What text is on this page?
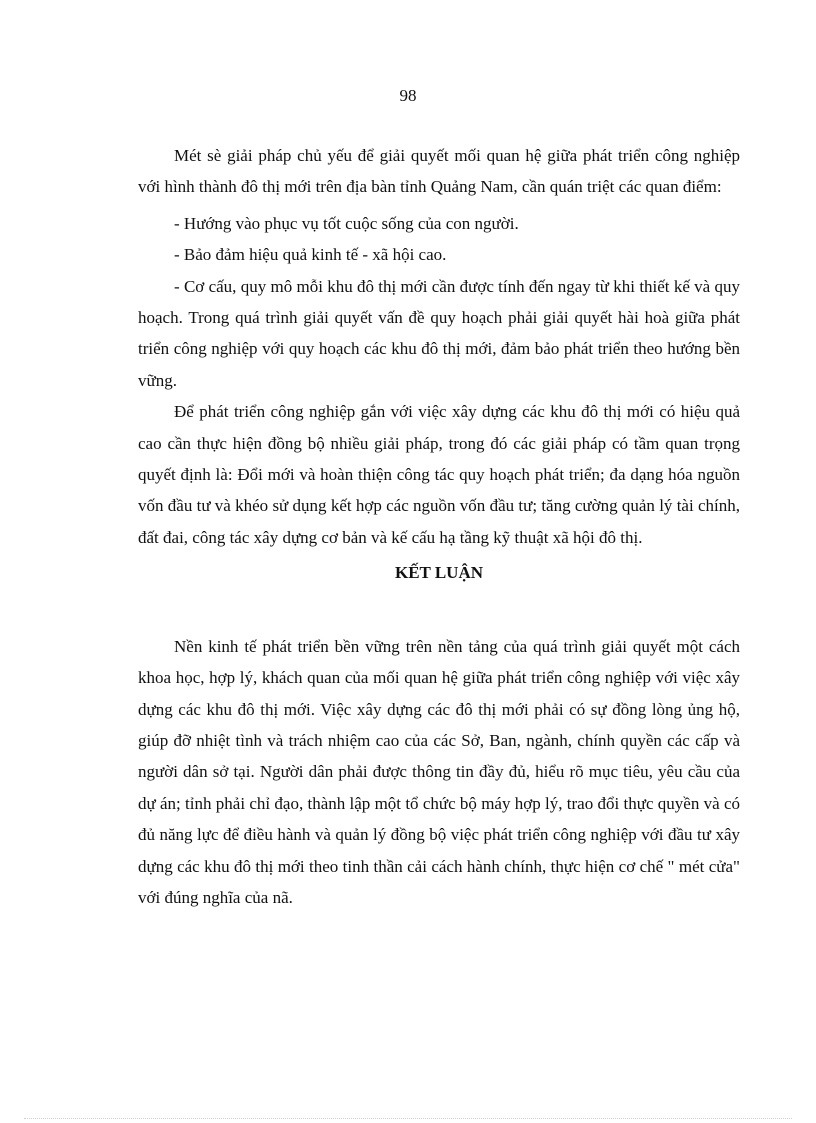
98

Mét sè giải pháp chủ yếu để giải quyết mối quan hệ giữa phát triển công nghiệp với hình thành đô thị mới trên địa bàn tỉnh Quảng Nam, cần quán triệt các quan điểm:

- Hướng vào phục vụ tốt cuộc sống của con người.

- Bảo đảm hiệu quả kinh tế - xã hội cao.

- Cơ cấu, quy mô mỗi khu đô thị mới cần được tính đến ngay từ khi thiết kế và quy hoạch. Trong quá trình giải quyết vấn đề quy hoạch phải giải quyết hài hoà giữa phát triển công nghiệp với quy hoạch các khu đô thị mới, đảm bảo phát triển theo hướng bền vững.

Để phát triển công nghiệp gắn với việc xây dựng các khu đô thị mới có hiệu quả cao cần thực hiện đồng bộ nhiều giải pháp, trong đó các giải pháp có tầm quan trọng quyết định là: Đổi mới và hoàn thiện công tác quy hoạch phát triển; đa dạng hóa nguồn vốn đầu tư và khéo sử dụng kết hợp các nguồn vốn đầu tư; tăng cường quản lý tài chính, đất đai, công tác xây dựng cơ bản và kế cấu hạ tầng kỹ thuật xã hội đô thị.

KẾT LUẬN

Nền kinh tế phát triển bền vững trên nền tảng của quá trình giải quyết một cách khoa học, hợp lý, khách quan của mối quan hệ giữa phát triển công nghiệp với việc xây dựng các khu đô thị mới. Việc xây dựng các đô thị mới phải có sự đồng lòng ủng hộ, giúp đỡ nhiệt tình và trách nhiệm cao của các Sở, Ban, ngành, chính quyền các cấp và người dân sở tại. Người dân phải được thông tin đầy đủ, hiểu rõ mục tiêu, yêu cầu của dự án; tỉnh phải chỉ đạo, thành lập một tổ chức bộ máy hợp lý, trao đổi thực quyền và có đủ năng lực để điều hành và quản lý đồng bộ việc phát triển công nghiệp với đầu tư xây dựng các khu đô thị mới theo tinh thần cải cách hành chính, thực hiện cơ chế " mét cửa" với đúng nghĩa của nã.
